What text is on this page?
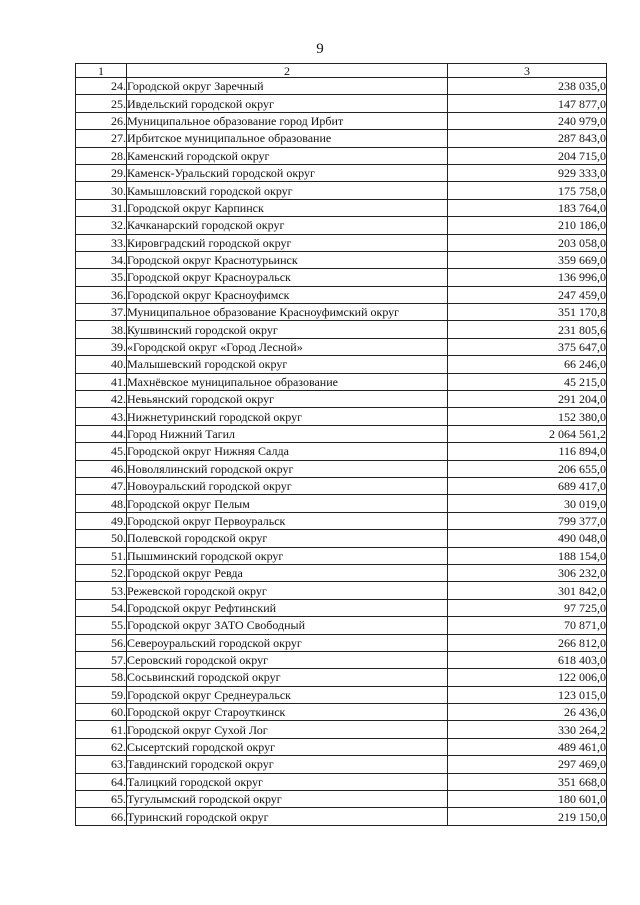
9
1	2	3
24.	Городской округ Заречный	238 035,0
25.	Ивдельский городской округ	147 877,0
26.	Муниципальное образование город Ирбит	240 979,0
27.	Ирбитское муниципальное образование	287 843,0
28.	Каменский городской округ	204 715,0
29.	Каменск-Уральский городской округ	929 333,0
30.	Камышловский городской округ	175 758,0
31.	Городской округ Карпинск	183 764,0
32.	Качканарский городской округ	210 186,0
33.	Кировградский городской округ	203 058,0
34.	Городской округ Краснотурьинск	359 669,0
35.	Городской округ Красноуральск	136 996,0
36.	Городской округ Красноуфимск	247 459,0
37.	Муниципальное образование Красноуфимский округ	351 170,8
38.	Кушвинский городской округ	231 805,6
39.	«Городской округ «Город Лесной»	375 647,0
40.	Малышевский городской округ	66 246,0
41.	Махнёвское муниципальное образование	45 215,0
42.	Невьянский городской округ	291 204,0
43.	Нижнетуринский городской округ	152 380,0
44.	Город Нижний Тагил	2 064 561,2
45.	Городской округ Нижняя Салда	116 894,0
46.	Новолялинский городской округ	206 655,0
47.	Новоуральский городской округ	689 417,0
48.	Городской округ Пелым	30 019,0
49.	Городской округ Первоуральск	799 377,0
50.	Полевской городской округ	490 048,0
51.	Пышминский городской округ	188 154,0
52.	Городской округ Ревда	306 232,0
53.	Режевской городской округ	301 842,0
54.	Городской округ Рефтинский	97 725,0
55.	Городской округ ЗАТО Свободный	70 871,0
56.	Североуральский городской округ	266 812,0
57.	Серовский городской округ	618 403,0
58.	Сосьвинский городской округ	122 006,0
59.	Городской округ Среднеуральск	123 015,0
60.	Городской округ Староуткинск	26 436,0
61.	Городской округ Сухой Лог	330 264,2
62.	Сысертский городской округ	489 461,0
63.	Тавдинский городской округ	297 469,0
64.	Талицкий городской округ	351 668,0
65.	Тугулымский городской округ	180 601,0
66.	Туринский городской округ	219 150,0
